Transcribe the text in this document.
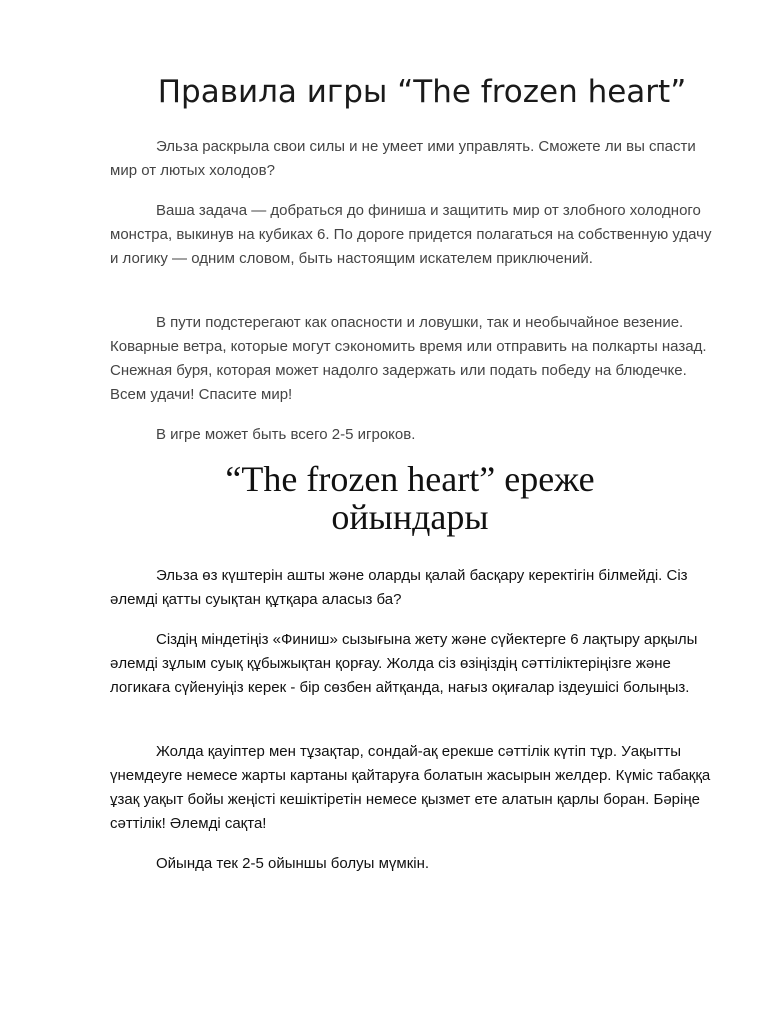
Правила игры “The frozen heart”

Эльза раскрыла свои силы и не умеет ими управлять. Сможете ли вы спасти мир от лютых холодов?

Ваша задача — добраться до финиша и защитить мир от злобного холодного монстра, выкинув на кубиках 6. По дороге придется полагаться на собственную удачу и логику — одним словом, быть настоящим искателем приключений.

В пути подстерегают как опасности и ловушки, так и необычайное везение. Коварные ветра, которые могут сэкономить время или отправить на полкарты назад. Снежная буря, которая может надолго задержать или подать победу на блюдечке. Всем удачи! Спасите мир!

В игре может быть всего 2-5 игроков.

“The frozen heart” ереже ойындары

Эльза өз күштерін ашты және оларды қалай басқару керектігін білмейді. Сіз әлемді қатты суықтан құтқара аласыз ба?

Сіздің міндетіңіз «Финиш» сызығына жету және сүйектерге 6 лақтыру арқылы әлемді зұлым суық құбыжықтан қорғау. Жолда сіз өзіңіздің сәттіліктеріңізге және логикаға сүйенуіңіз керек - бір сөзбен айтқанда, нағыз оқиғалар іздеушісі болыңыз.

Жолда қауіптер мен тұзақтар, сондай-ақ ерекше сәттілік күтіп тұр. Уақытты үнемдеуге немесе жарты картаны қайтаруға болатын жасырын желдер. Күміс табаққа ұзақ уақыт бойы жеңісті кешіктіретін немесе қызмет ете алатын қарлы боран. Бәріңе сәттілік! Әлемді сақта!

Ойында тек 2-5 ойыншы болуы мүмкін.
